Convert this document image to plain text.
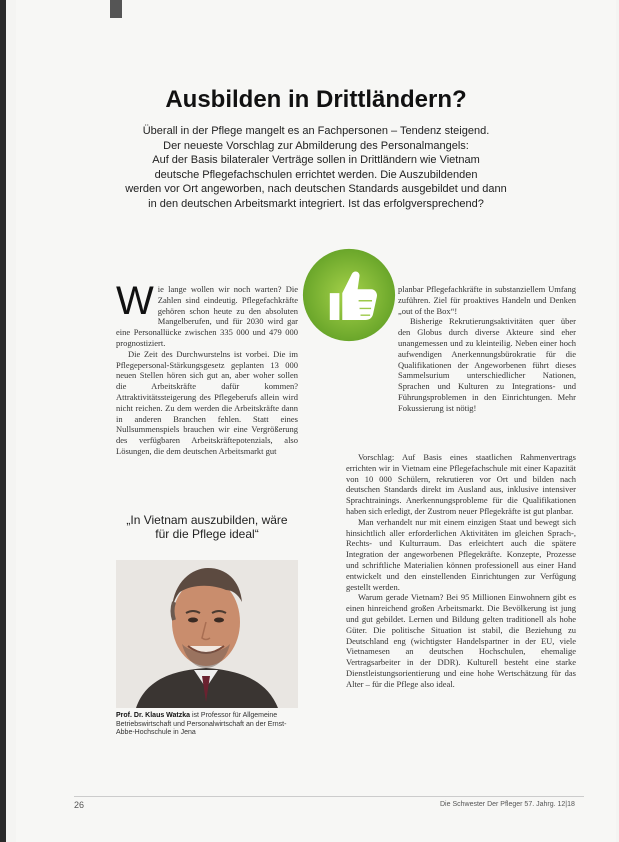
Ausbilden in Drittländern?

Überall in der Pflege mangelt es an Fachpersonen – Tendenz steigend.
Der neueste Vorschlag zur Abmilderung des Personalmangels:
Auf der Basis bilateraler Verträge sollen in Drittländern wie Vietnam
deutsche Pflegefachschulen errichtet werden. Die Auszubildenden
werden vor Ort angeworben, nach deutschen Standards ausgebildet und dann
in den deutschen Arbeitsmarkt integriert. Ist das erfolgversprechend?

W ie lange wollen wir noch warten? Die Zahlen sind eindeutig. Pflegefachkräfte gehören schon heute zu den absoluten Mangelberufen, und für 2030 wird gar eine Personallücke zwischen 335 000 und 479 000 prognostiziert.

Die Zeit des Durchwurstelns ist vorbei. Die im Pflegepersonal-Stärkungsgesetz geplanten 13 000 neuen Stellen hören sich gut an, aber woher sollen die Arbeitskräfte dafür kommen? Attraktivitätssteigerung des Pflegeberufs allein wird nicht reichen. Zu dem werden die Arbeitskräfte dann in anderen Branchen fehlen. Statt eines Nullsummenspiels brauchen wir eine Vergrößerung des verfügbaren Arbeitskräftepotenzials, also Lösungen, die dem deutschen Arbeitsmarkt gut

planbar Pflegefachkräfte in substanziellem Umfang zuführen. Ziel für proaktives Handeln und Denken „out of the Box“!

Bisherige Rekrutierungsaktivitäten quer über den Globus durch diverse Akteure sind eher unangemessen und zu kleinteilig. Neben einer hoch aufwendigen Anerkennungsbürokratie für die Qualifikationen der Angeworbenen führt dieses Sammelsurium unterschiedlicher Nationen, Sprachen und Kulturen zu Integrations- und Führungsproblemen in den Einrichtungen. Mehr Fokussierung ist nötig!

Vorschlag: Auf Basis eines staatlichen Rahmenvertrags errichten wir in Vietnam eine Pflegefachschule mit einer Kapazität von 10 000 Schülern, rekrutieren vor Ort und bilden nach deutschen Standards direkt im Ausland aus, inklusive intensiver Sprachtrainings. Anerkennungsprobleme für die Qualifikationen haben sich erledigt, der Zustrom neuer Pflegekräfte ist gut planbar.

Man verhandelt nur mit einem einzigen Staat und bewegt sich hinsichtlich aller erforderlichen Aktivitäten im gleichen Sprach-, Rechts- und Kulturraum. Das erleichtert auch die spätere Integration der angeworbenen Pflegekräfte. Konzepte, Prozesse und schriftliche Materialien können professionell aus einer Hand entwickelt und den einstellenden Einrichtungen zur Verfügung gestellt werden.

Warum gerade Vietnam? Bei 95 Millionen Einwohnern gibt es einen hinreichend großen Arbeitsmarkt. Die Bevölkerung ist jung und gut gebildet. Lernen und Bildung gelten traditionell als hohe Güter. Die politische Situation ist stabil, die Beziehung zu Deutschland eng (wichtigster Handelspartner in der EU, viele Vietnamesen an deutschen Hochschulen, ehemalige Vertragsarbeiter in der DDR). Kulturell besteht eine starke Dienstleistungsorientierung und eine hohe Wertschätzung für das Alter – für die Pflege also ideal.

„In Vietnam auszubilden, wäre für die Pflege ideal“

Prof. Dr. Klaus Watzka ist Professor für Allgemeine Betriebswirtschaft und Personalwirtschaft an der Ernst-Abbe-Hochschule in Jena

26	Die Schwester Der Pfleger 57. Jahrg. 12|18
